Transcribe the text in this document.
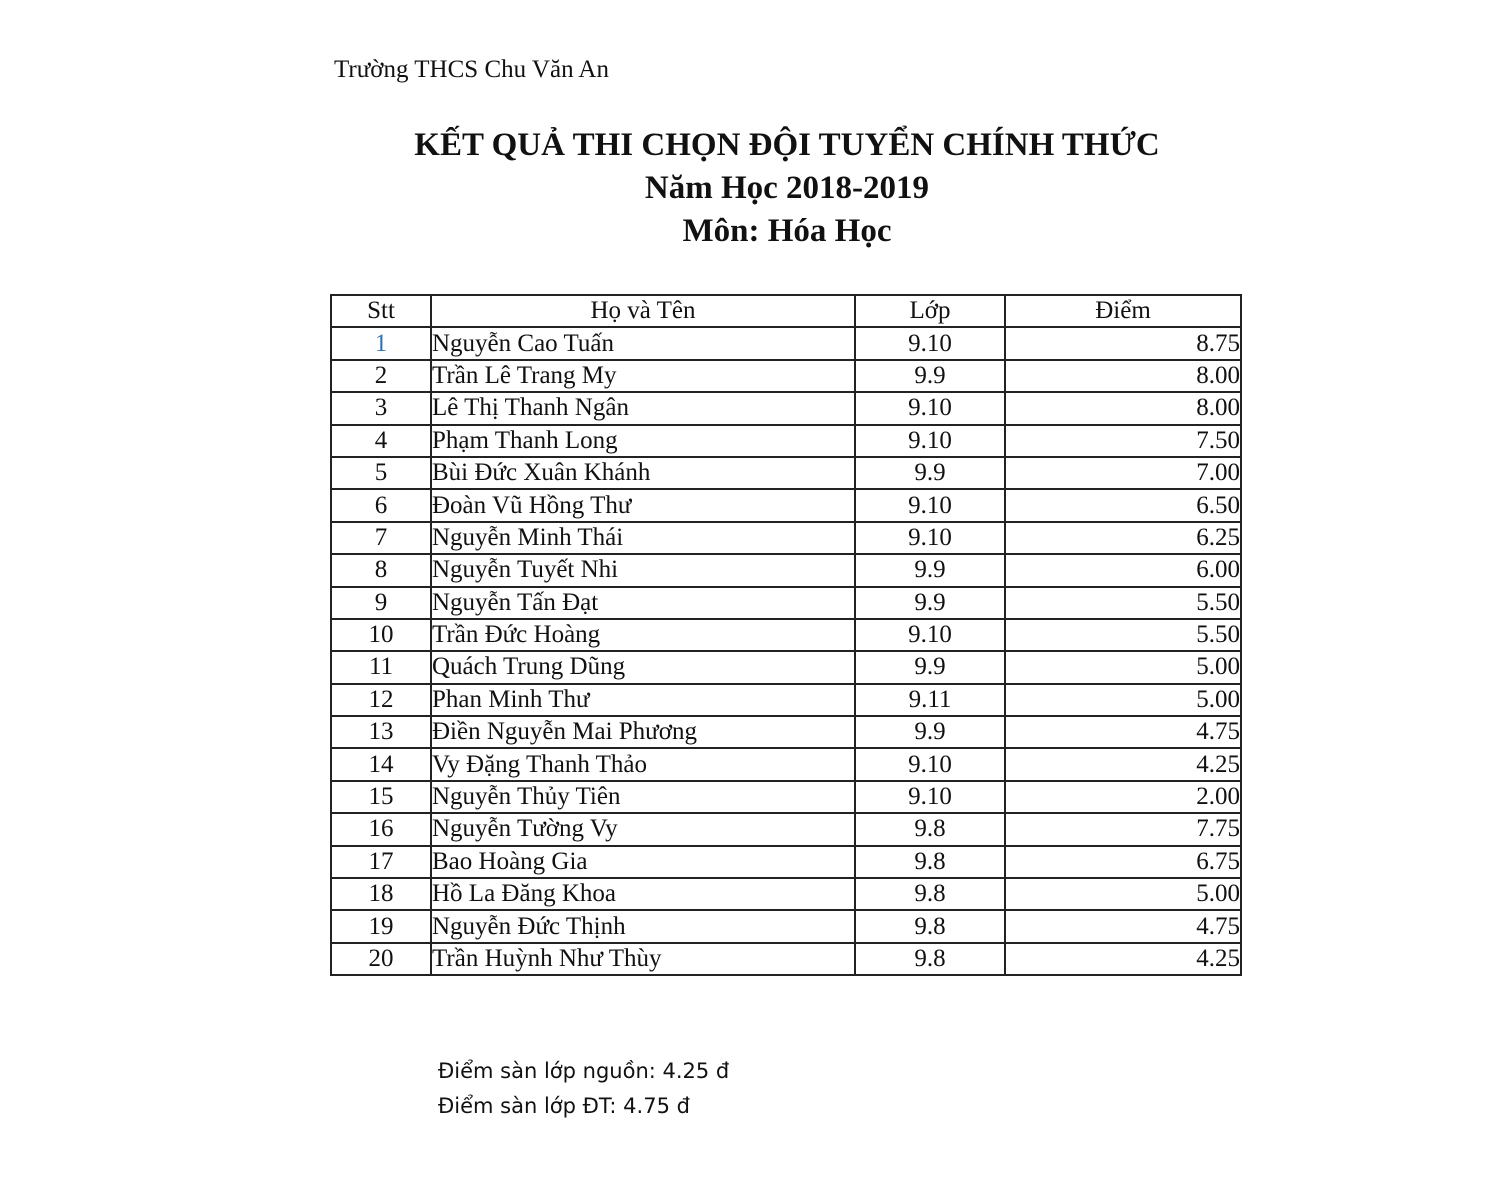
Trường THCS Chu Văn An
KẾT QUẢ THI CHỌN ĐỘI TUYỂN CHÍNH THỨC
Năm Học 2018-2019
Môn: Hóa Học
Stt	Họ và Tên	Lớp	Điểm
1	Nguyễn Cao Tuấn	9.10	8.75
2	Trần Lê Trang My	9.9	8.00
3	Lê Thị Thanh Ngân	9.10	8.00
4	Phạm Thanh Long	9.10	7.50
5	Bùi Đức Xuân Khánh	9.9	7.00
6	Đoàn Vũ Hồng Thư	9.10	6.50
7	Nguyễn Minh Thái	9.10	6.25
8	Nguyễn Tuyết Nhi	9.9	6.00
9	Nguyễn Tấn Đạt	9.9	5.50
10	Trần Đức Hoàng	9.10	5.50
11	Quách Trung Dũng	9.9	5.00
12	Phan Minh Thư	9.11	5.00
13	Điền Nguyễn Mai Phương	9.9	4.75
14	Vy Đặng Thanh Thảo	9.10	4.25
15	Nguyễn Thủy Tiên	9.10	2.00
16	Nguyễn Tường Vy	9.8	7.75
17	Bao Hoàng Gia	9.8	6.75
18	Hồ La Đăng Khoa	9.8	5.00
19	Nguyễn Đức Thịnh	9.8	4.75
20	Trần Huỳnh Như Thùy	9.8	4.25
Điểm sàn lớp nguồn: 4.25 đ
Điểm sàn lớp ĐT: 4.75 đ
